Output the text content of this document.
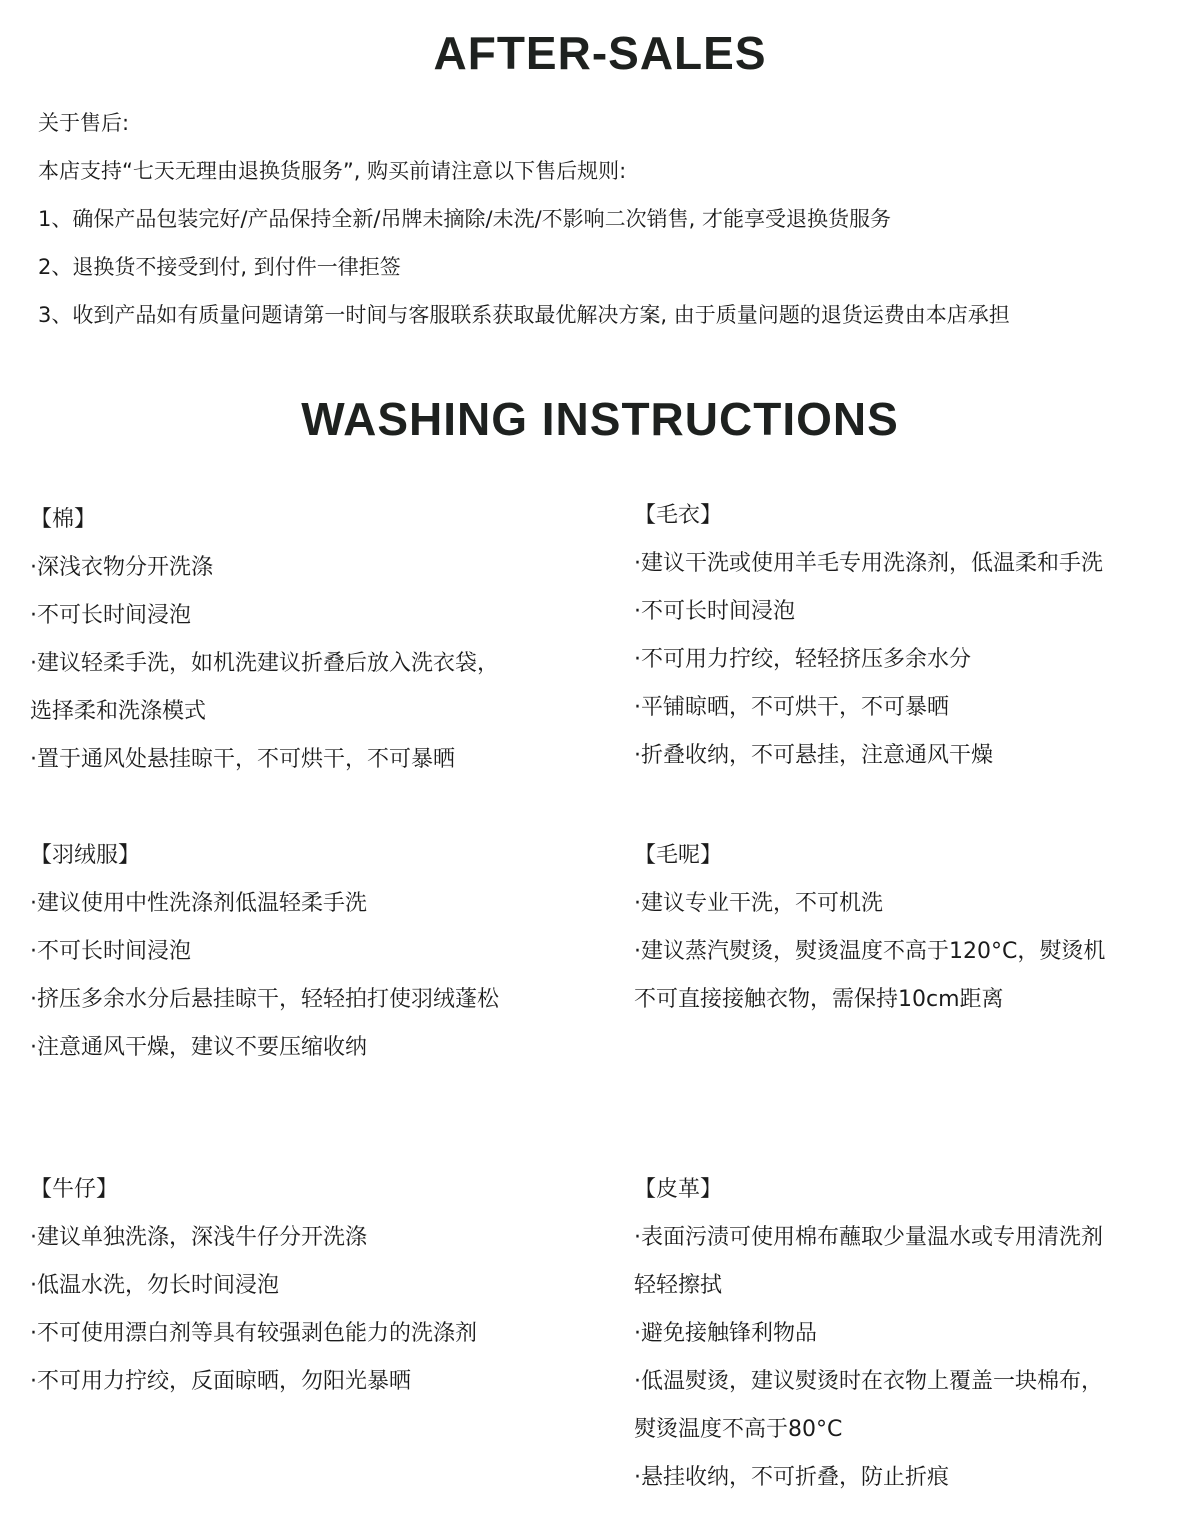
AFTER-SALES
关于售后:
本店支持“七天无理由退换货服务”, 购买前请注意以下售后规则:
1、确保产品包装完好/产品保持全新/吊牌未摘除/未洗/不影响二次销售, 才能享受退换货服务
2、退换货不接受到付, 到付件一律拒签
3、收到产品如有质量问题请第一时间与客服联系获取最优解决方案, 由于质量问题的退货运费由本店承担
WASHING INSTRUCTIONS
【棉】
·深浅衣物分开洗涤
·不可长时间浸泡
·建议轻柔手洗，如机洗建议折叠后放入洗衣袋，
选择柔和洗涤模式
·置于通风处悬挂晾干，不可烘干，不可暴晒
【毛衣】
·建议干洗或使用羊毛专用洗涤剂，低温柔和手洗
·不可长时间浸泡
·不可用力拧绞，轻轻挤压多余水分
·平铺晾晒，不可烘干，不可暴晒
·折叠收纳，不可悬挂，注意通风干燥
【羽绒服】
·建议使用中性洗涤剂低温轻柔手洗
·不可长时间浸泡
·挤压多余水分后悬挂晾干，轻轻拍打使羽绒蓬松
·注意通风干燥，建议不要压缩收纳
【毛呢】
·建议专业干洗，不可机洗
·建议蒸汽熨烫，熨烫温度不高于120°C，熨烫机
不可直接接触衣物，需保持10cm距离
【牛仔】
·建议单独洗涤，深浅牛仔分开洗涤
·低温水洗，勿长时间浸泡
·不可使用漂白剂等具有较强剥色能力的洗涤剂
·不可用力拧绞，反面晾晒，勿阳光暴晒
【皮革】
·表面污渍可使用棉布蘸取少量温水或专用清洗剂
轻轻擦拭
·避免接触锋利物品
·低温熨烫，建议熨烫时在衣物上覆盖一块棉布，
熨烫温度不高于80°C
·悬挂收纳，不可折叠，防止折痕
